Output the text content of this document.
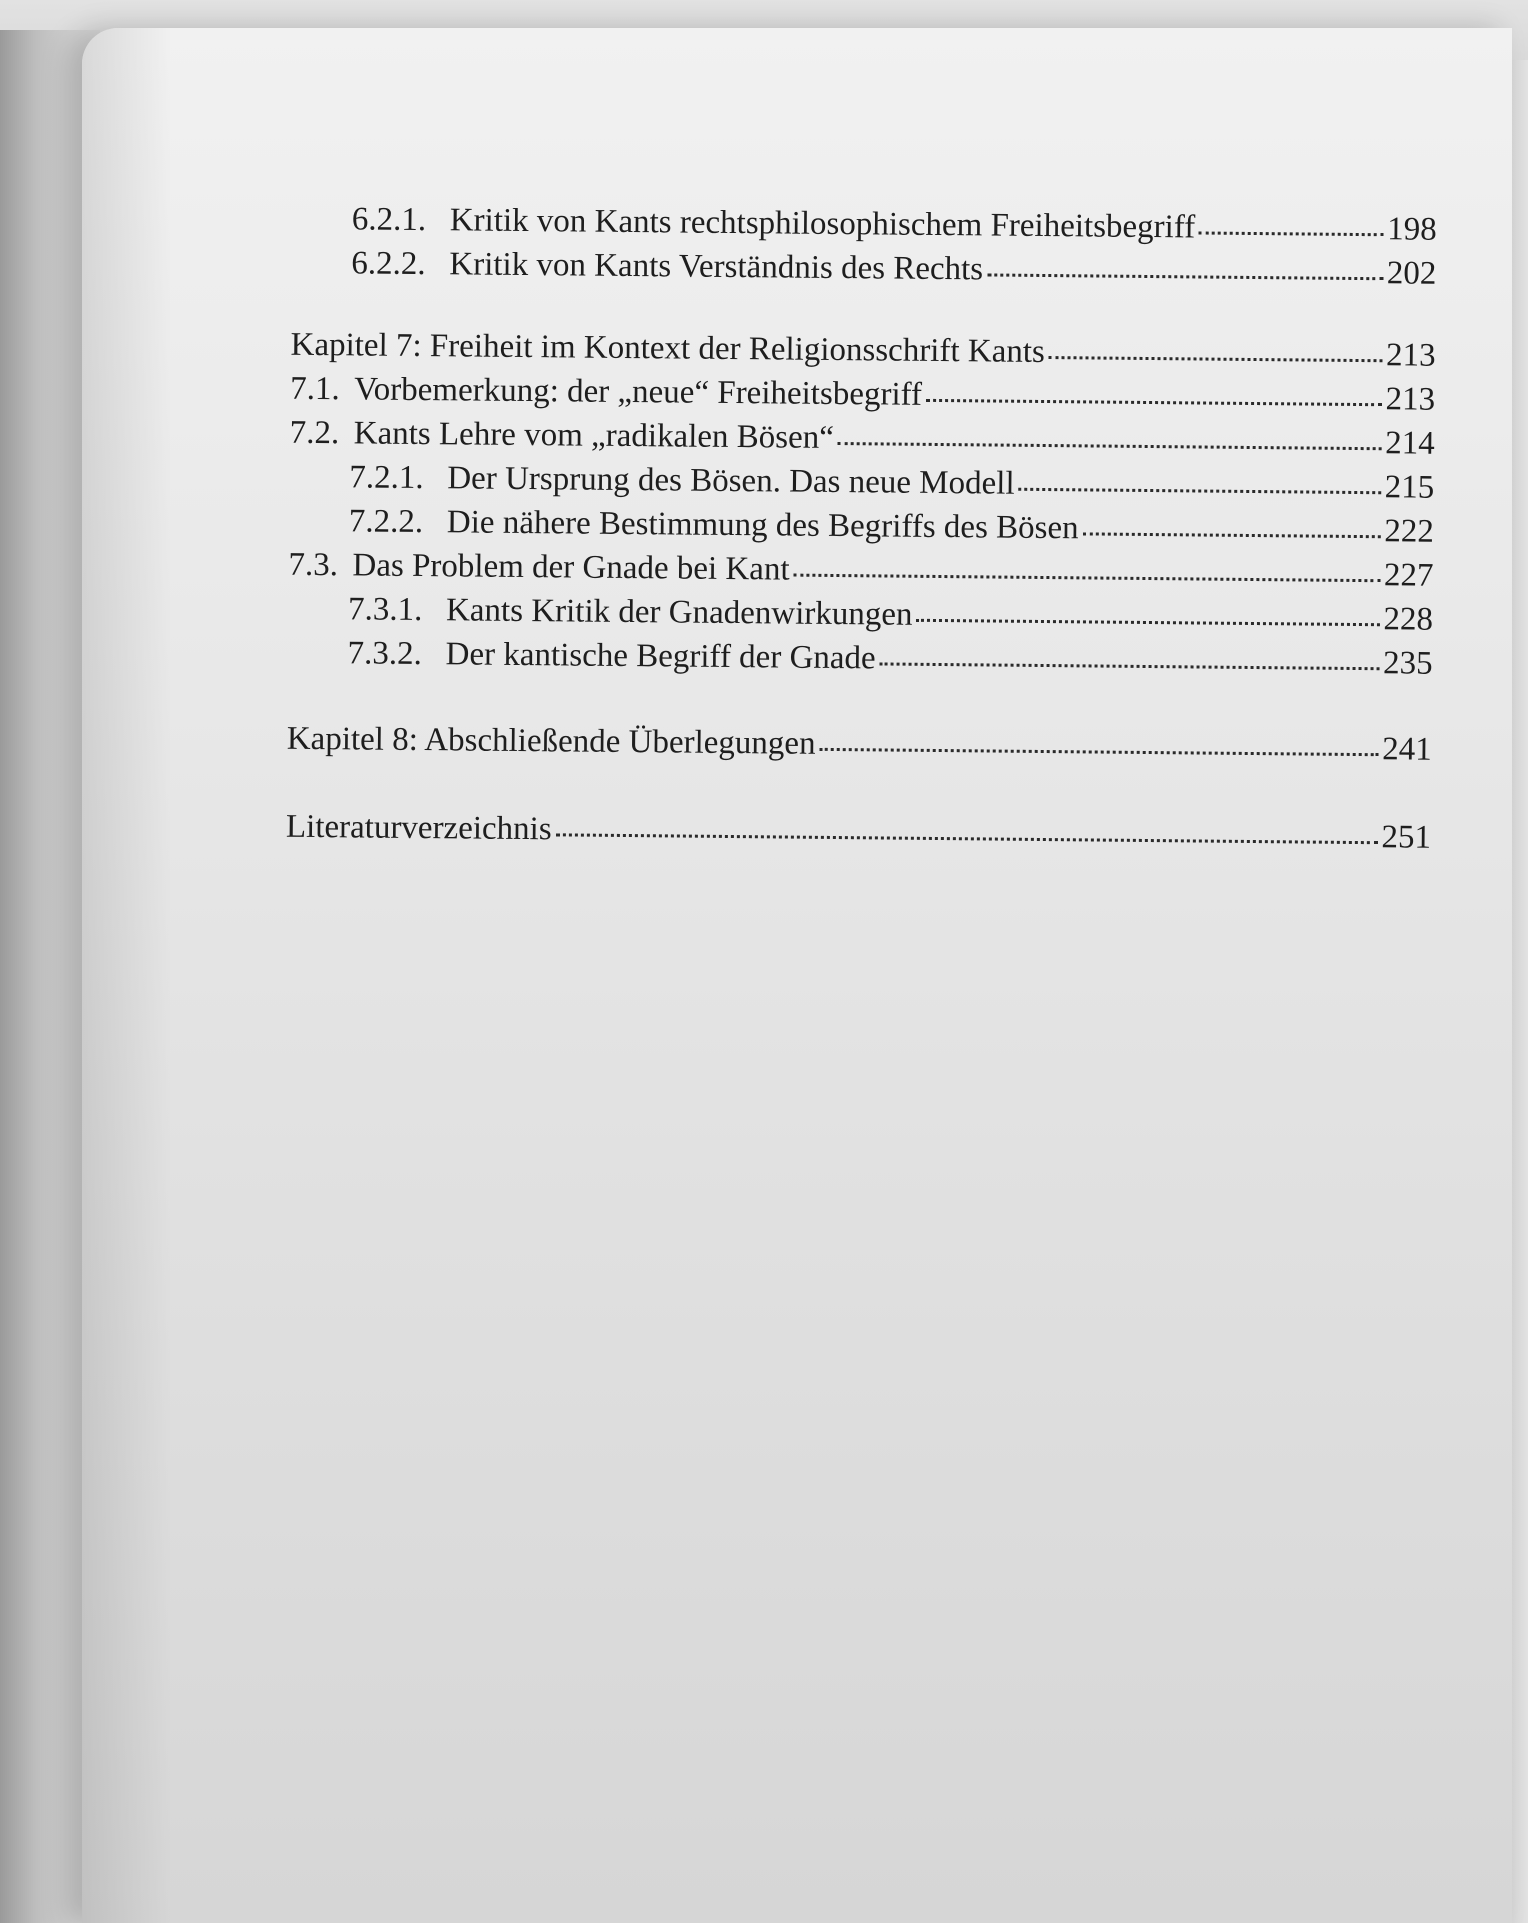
6.2.1. Kritik von Kants rechtsphilosophischem Freiheitsbegriff	198
6.2.2. Kritik von Kants Verständnis des Rechts	202
Kapitel 7: Freiheit im Kontext der Religionsschrift Kants	213
7.1. Vorbemerkung: der „neue“ Freiheitsbegriff	213
7.2. Kants Lehre vom „radikalen Bösen“	214
7.2.1. Der Ursprung des Bösen. Das neue Modell	215
7.2.2. Die nähere Bestimmung des Begriffs des Bösen	222
7.3. Das Problem der Gnade bei Kant	227
7.3.1. Kants Kritik der Gnadenwirkungen	228
7.3.2. Der kantische Begriff der Gnade	235
Kapitel 8: Abschließende Überlegungen	241
Literaturverzeichnis	251
